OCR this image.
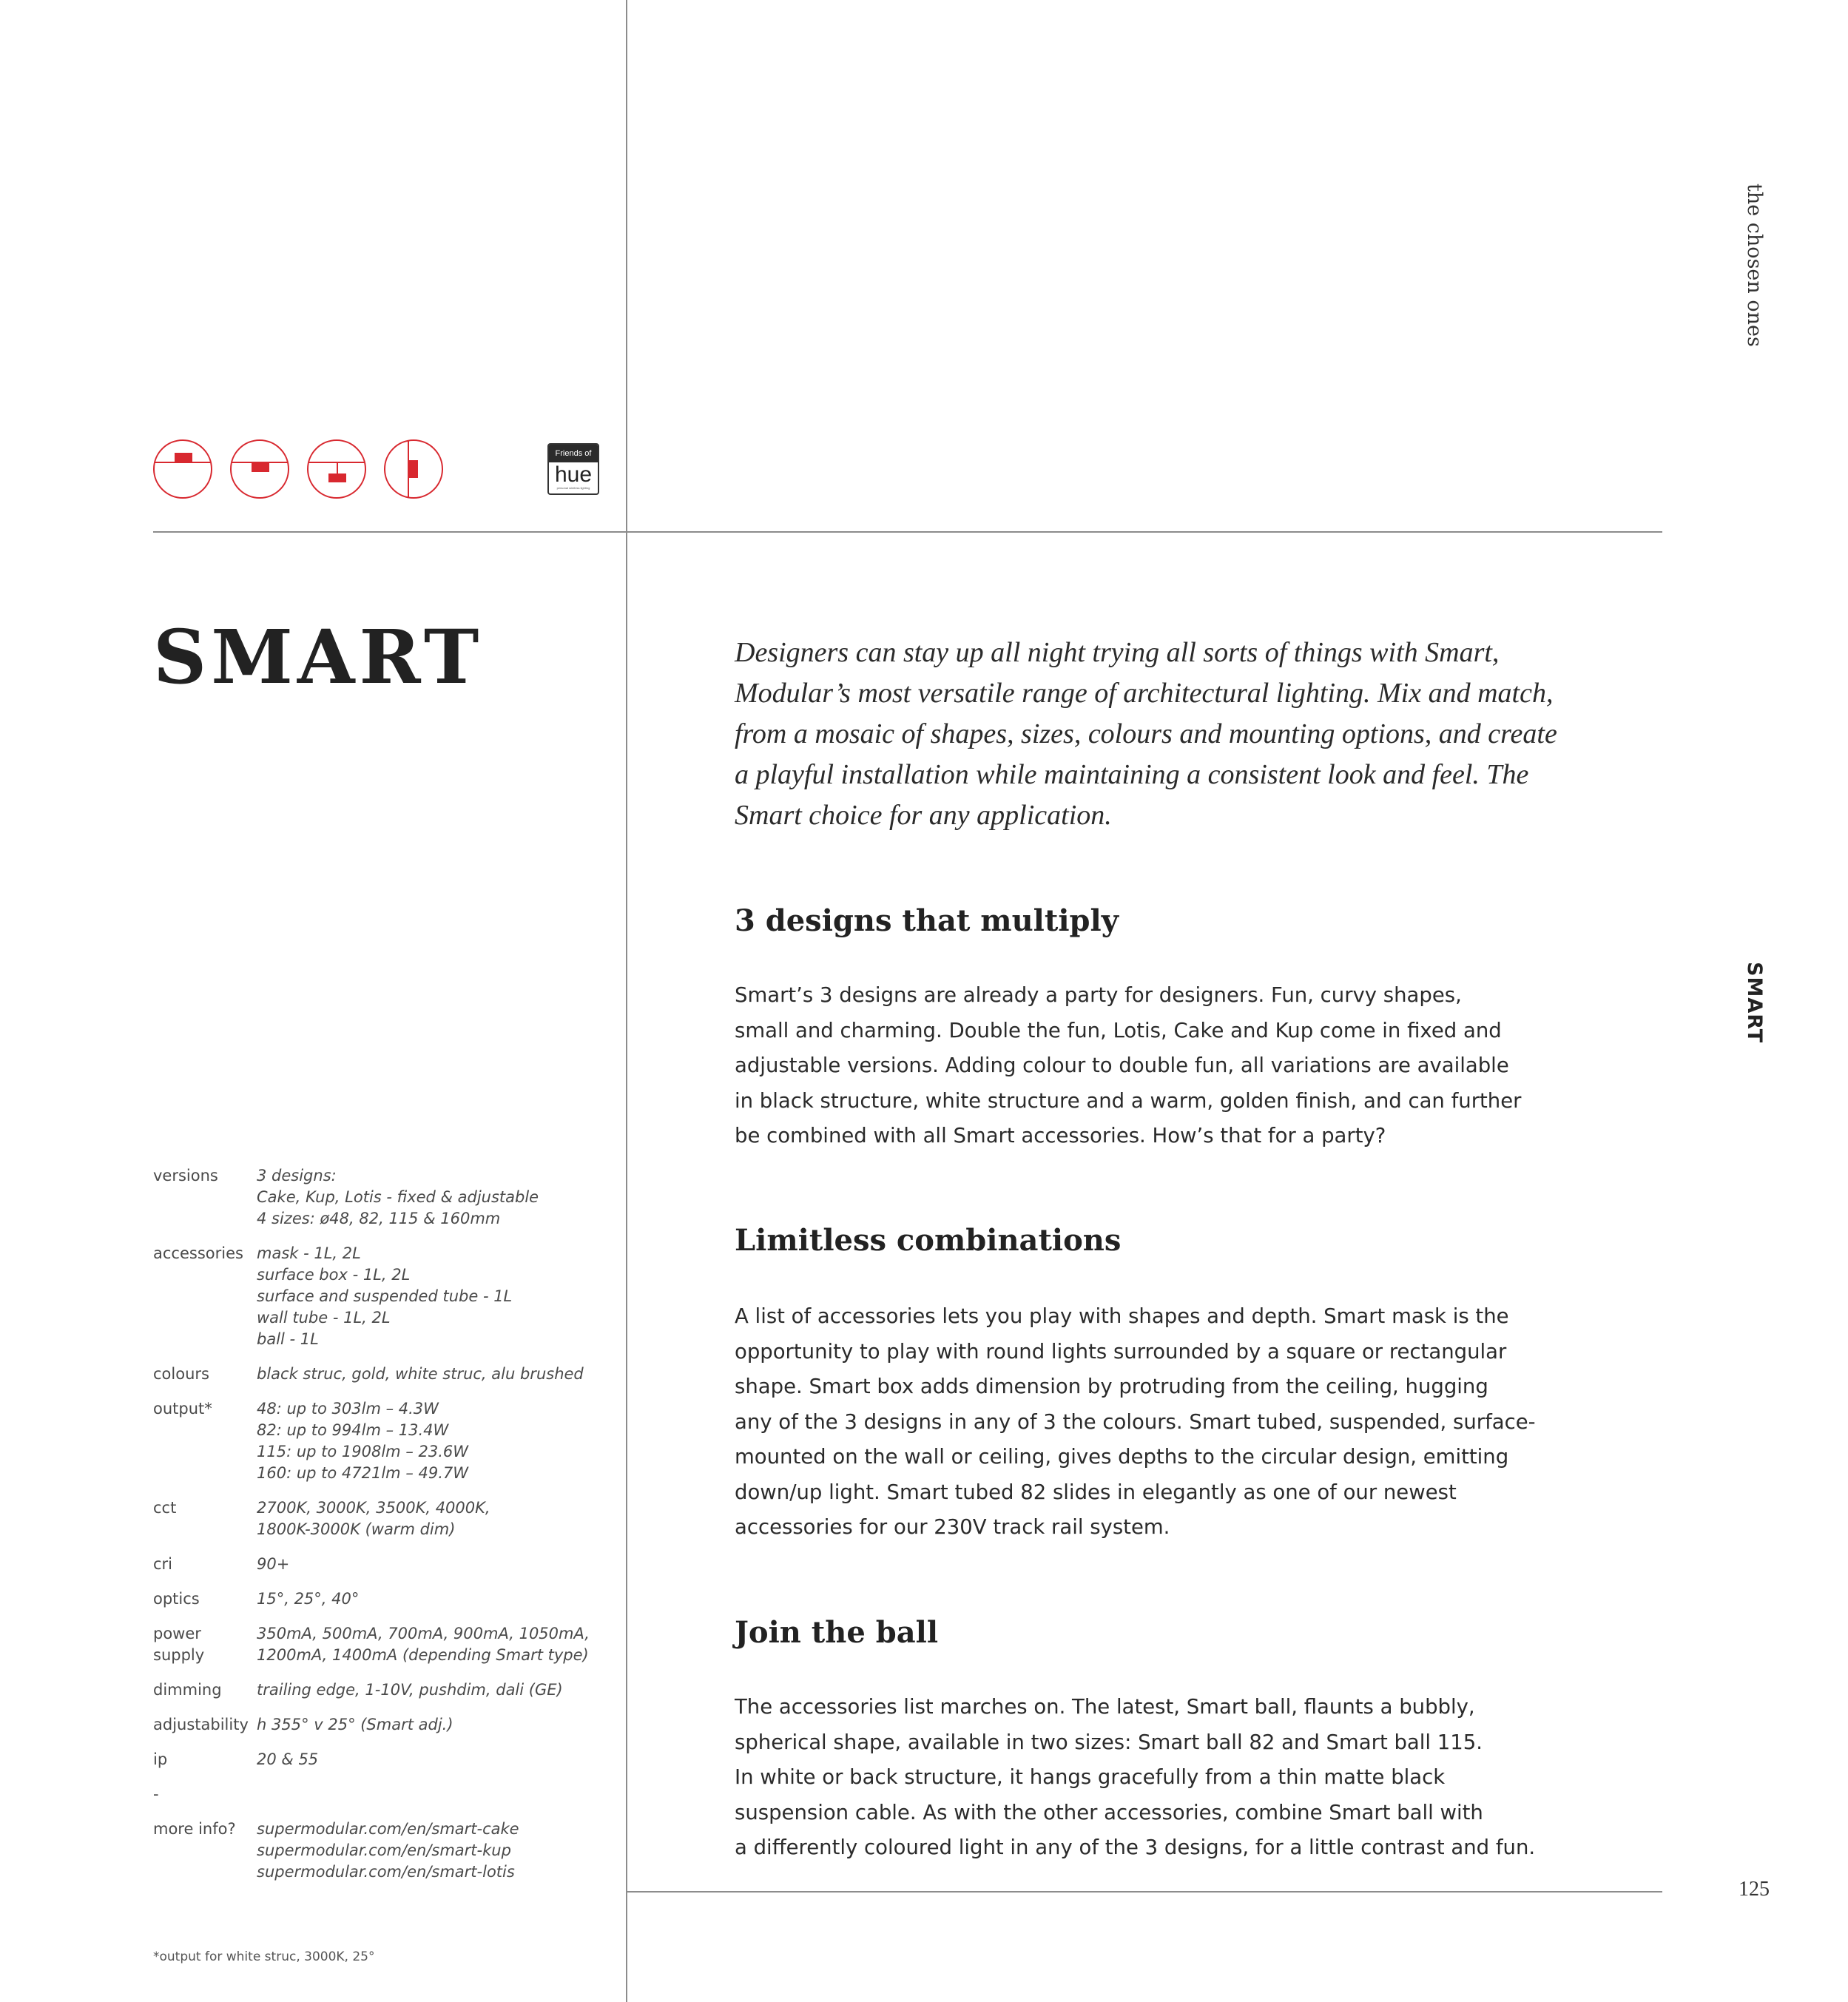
Friends of
hue
personal wireless lighting
SMART	Designers can stay up all night trying all sorts of things with Smart, Modular’s most versatile range of architectural lighting. Mix and match, from a mosaic of shapes, sizes, colours and mounting options, and create a playful installation while maintaining a consistent look and feel. The Smart choice for any application.
3 designs that multiply
Smart’s 3 designs are already a party for designers. Fun, curvy shapes,
small and charming. Double the fun, Lotis, Cake and Kup come in fixed and
adjustable versions. Adding colour to double fun, all variations are available
in black structure, white structure and a warm, golden finish, and can further
be combined with all Smart accessories. How’s that for a party?
Limitless combinations
A list of accessories lets you play with shapes and depth. Smart mask is the
opportunity to play with round lights surrounded by a square or rectangular
shape. Smart box adds dimension by protruding from the ceiling, hugging
any of the 3 designs in any of 3 the colours. Smart tubed, suspended, surface-
mounted on the wall or ceiling, gives depths to the circular design, emitting
down/up light. Smart tubed 82 slides in elegantly as one of our newest
accessories for our 230V track rail system.
Join the ball
The accessories list marches on. The latest, Smart ball, flaunts a bubbly,
spherical shape, available in two sizes: Smart ball 82 and Smart ball 115.
In white or back structure, it hangs gracefully from a thin matte black
suspension cable. As with the other accessories, combine Smart ball with
a differently coloured light in any of the 3 designs, for a little contrast and fun.
versions	3 designs:
Cake, Kup, Lotis - fixed & adjustable
4 sizes: ø48, 82, 115 & 160mm
accessories mask - 1L, 2L
surface box - 1L, 2L
surface and suspended tube - 1L
wall tube - 1L, 2L
ball - 1L
colours	black struc, gold, white struc, alu brushed
output*	48: up to 303lm – 4.3W
82: up to 994lm – 13.4W
115: up to 1908lm – 23.6W
160: up to 4721lm – 49.7W
cct	2700K, 3000K, 3500K, 4000K,
1800K-3000K (warm dim)
cri	90+
optics	15°, 25°, 40°
power supply
350mA, 500mA, 700mA, 900mA, 1050mA,
1200mA, 1400mA (depending Smart type)
dimming	trailing edge, 1-10V, pushdim, dali (GE)
adjustability h 355° v 25° (Smart adj.)
ip	20 & 55
-
more info?	supermodular.com/en/smart-cake
supermodular.com/en/smart-kup
supermodular.com/en/smart-lotis
*output for white struc, 3000K, 25°
the chosen ones
SMART
125
